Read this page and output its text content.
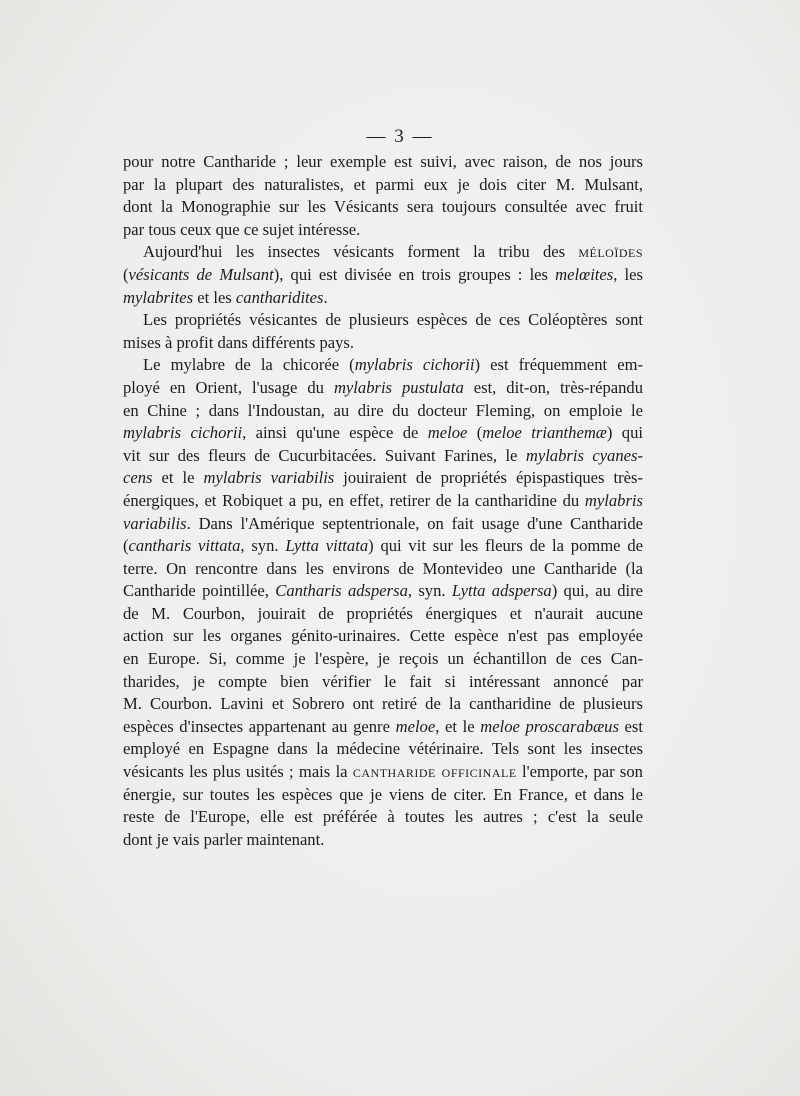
— 3 —
pour notre Cantharide ; leur exemple est suivi, avec raison, de nos jours
par la plupart des naturalistes, et parmi eux je dois citer M. Mulsant,
dont la Monographie sur les Vésicants sera toujours consultée avec fruit
par tous ceux que ce sujet intéresse.
Aujourd'hui les insectes vésicants forment la tribu des méloïdes
(vésicants de Mulsant), qui est divisée en trois groupes : les melœites, les
mylabrites et les cantharidites.
Les propriétés vésicantes de plusieurs espèces de ces Coléoptères sont
mises à profit dans différents pays.
Le mylabre de la chicorée (mylabris cichorii) est fréquemment em-
ployé en Orient, l'usage du mylabris pustulata est, dit-on, très-répandu
en Chine ; dans l'Indoustan, au dire du docteur Fleming, on emploie le
mylabris cichorii, ainsi qu'une espèce de meloe (meloe trianthemæ) qui
vit sur des fleurs de Cucurbitacées. Suivant Farines, le mylabris cyanes-
cens et le mylabris variabilis jouiraient de propriétés épispastiques très-
énergiques, et Robiquet a pu, en effet, retirer de la cantharidine du mylabris
variabilis. Dans l'Amérique septentrionale, on fait usage d'une Cantharide
(cantharis vittata, syn. Lytta vittata) qui vit sur les fleurs de la pomme de
terre. On rencontre dans les environs de Montevideo une Cantharide (la
Cantharide pointillée, Cantharis adspersa, syn. Lytta adspersa) qui, au dire
de M. Courbon, jouirait de propriétés énergiques et n'aurait aucune
action sur les organes génito-urinaires. Cette espèce n'est pas employée
en Europe. Si, comme je l'espère, je reçois un échantillon de ces Can-
tharides, je compte bien vérifier le fait si intéressant annoncé par
M. Courbon. Lavini et Sobrero ont retiré de la cantharidine de plusieurs
espèces d'insectes appartenant au genre meloe, et le meloe proscarabæus est
employé en Espagne dans la médecine vétérinaire. Tels sont les insectes
vésicants les plus usités ; mais la cantharide officinale l'emporte, par son
énergie, sur toutes les espèces que je viens de citer. En France, et dans le
reste de l'Europe, elle est préférée à toutes les autres ; c'est la seule
dont je vais parler maintenant.
